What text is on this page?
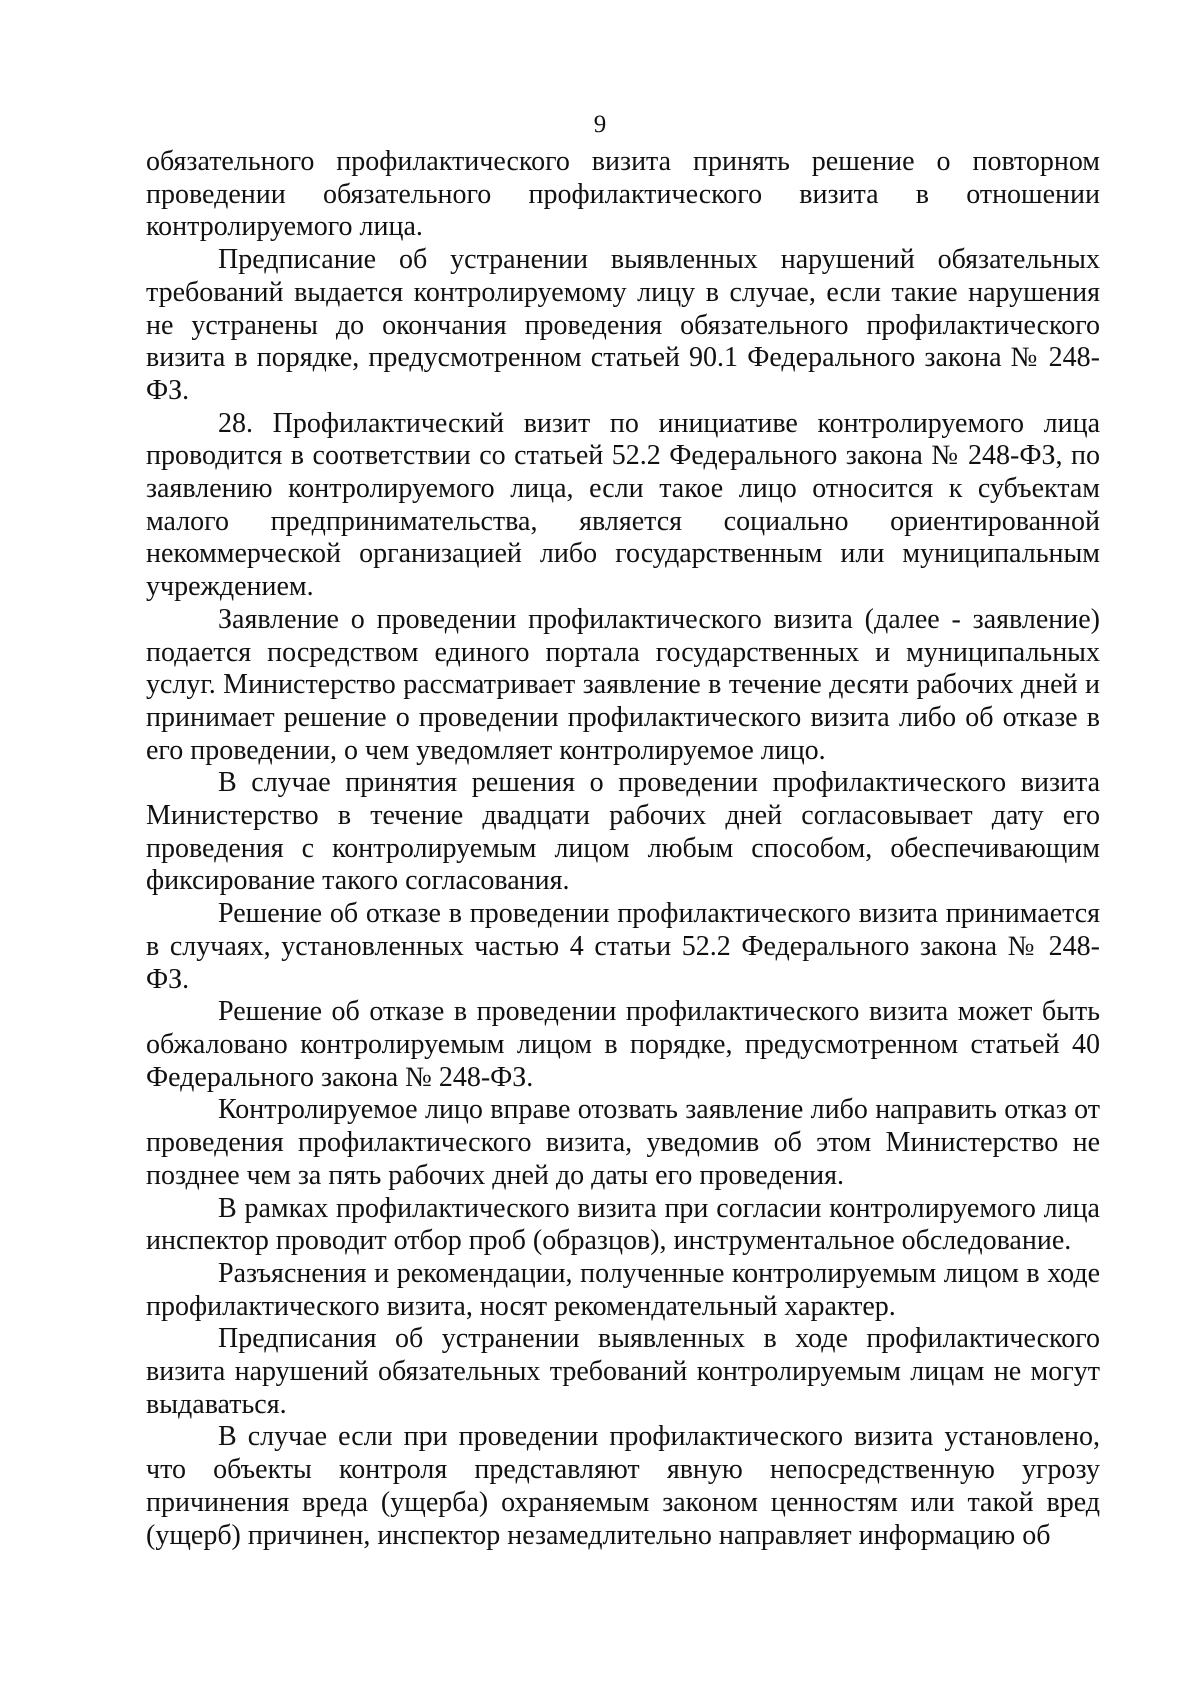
9

обязательного профилактического визита принять решение о повторном проведении обязательного профилактического визита в отношении контролируемого лица.

Предписание об устранении выявленных нарушений обязательных требований выдается контролируемому лицу в случае, если такие нарушения не устранены до окончания проведения обязательного профилактического визита в порядке, предусмотренном статьей 90.1 Федерального закона № 248-ФЗ.

28. Профилактический визит по инициативе контролируемого лица проводится в соответствии со статьей 52.2 Федерального закона № 248-ФЗ, по заявлению контролируемого лица, если такое лицо относится к субъектам малого предпринимательства, является социально ориентированной некоммерческой организацией либо государственным или муниципальным учреждением.

Заявление о проведении профилактического визита (далее - заявление) подается посредством единого портала государственных и муниципальных услуг. Министерство рассматривает заявление в течение десяти рабочих дней и принимает решение о проведении профилактического визита либо об отказе в его проведении, о чем уведомляет контролируемое лицо.

В случае принятия решения о проведении профилактического визита Министерство в течение двадцати рабочих дней согласовывает дату его проведения с контролируемым лицом любым способом, обеспечивающим фиксирование такого согласования.

Решение об отказе в проведении профилактического визита принимается в случаях, установленных частью 4 статьи 52.2 Федерального закона № 248-ФЗ.

Решение об отказе в проведении профилактического визита может быть обжаловано контролируемым лицом в порядке, предусмотренном статьей 40 Федерального закона № 248-ФЗ.

Контролируемое лицо вправе отозвать заявление либо направить отказ от проведения профилактического визита, уведомив об этом Министерство не позднее чем за пять рабочих дней до даты его проведения.

В рамках профилактического визита при согласии контролируемого лица инспектор проводит отбор проб (образцов), инструментальное обследование.

Разъяснения и рекомендации, полученные контролируемым лицом в ходе профилактического визита, носят рекомендательный характер.

Предписания об устранении выявленных в ходе профилактического визита нарушений обязательных требований контролируемым лицам не могут выдаваться.

В случае если при проведении профилактического визита установлено, что объекты контроля представляют явную непосредственную угрозу причинения вреда (ущерба) охраняемым законом ценностям или такой вред (ущерб) причинен, инспектор незамедлительно направляет информацию об
